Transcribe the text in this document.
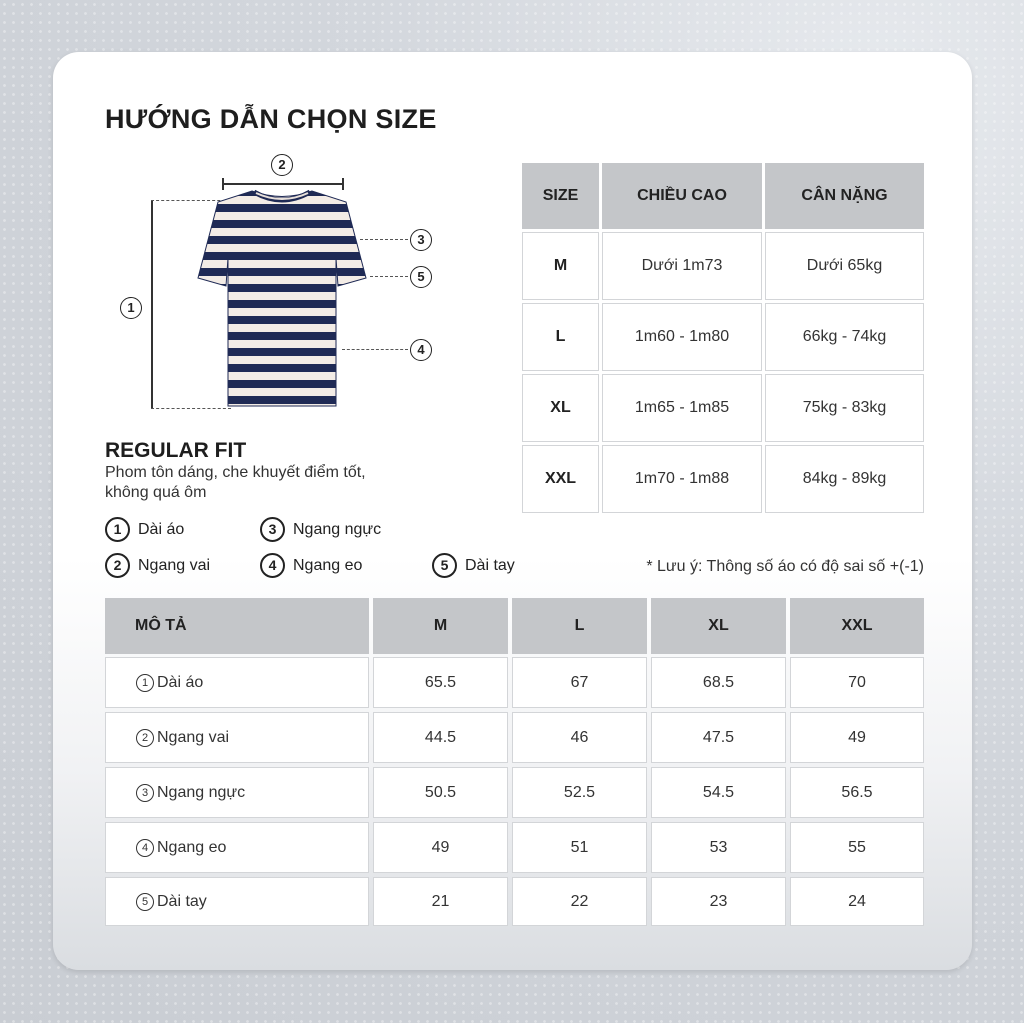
HƯỚNG DẪN CHỌN SIZE
1
2
3
4
5
REGULAR FIT
Phom tôn dáng, che khuyết điểm tốt,
không quá ôm
1	Dài áo
2	Ngang vai
3	Ngang ngực
4	Ngang eo	5	Dài tay	* Lưu ý: Thông số áo có độ sai số +(-1)
SIZE	CHIỀU CAO	CÂN NẶNG
M	Dưới 1m73	Dưới 65kg
L	1m60 - 1m80	66kg - 74kg
XL	1m65 - 1m85	75kg - 83kg
XXL	1m70 - 1m88	84kg - 89kg
MÔ TẢ	M	L	XL	XXL
1 Dài áo	65.5	67	68.5	70
2 Ngang vai	44.5	46	47.5	49
3 Ngang ngực	50.5	52.5	54.5	56.5
4 Ngang eo	49	51	53	55
5 Dài tay	21	22	23	24
